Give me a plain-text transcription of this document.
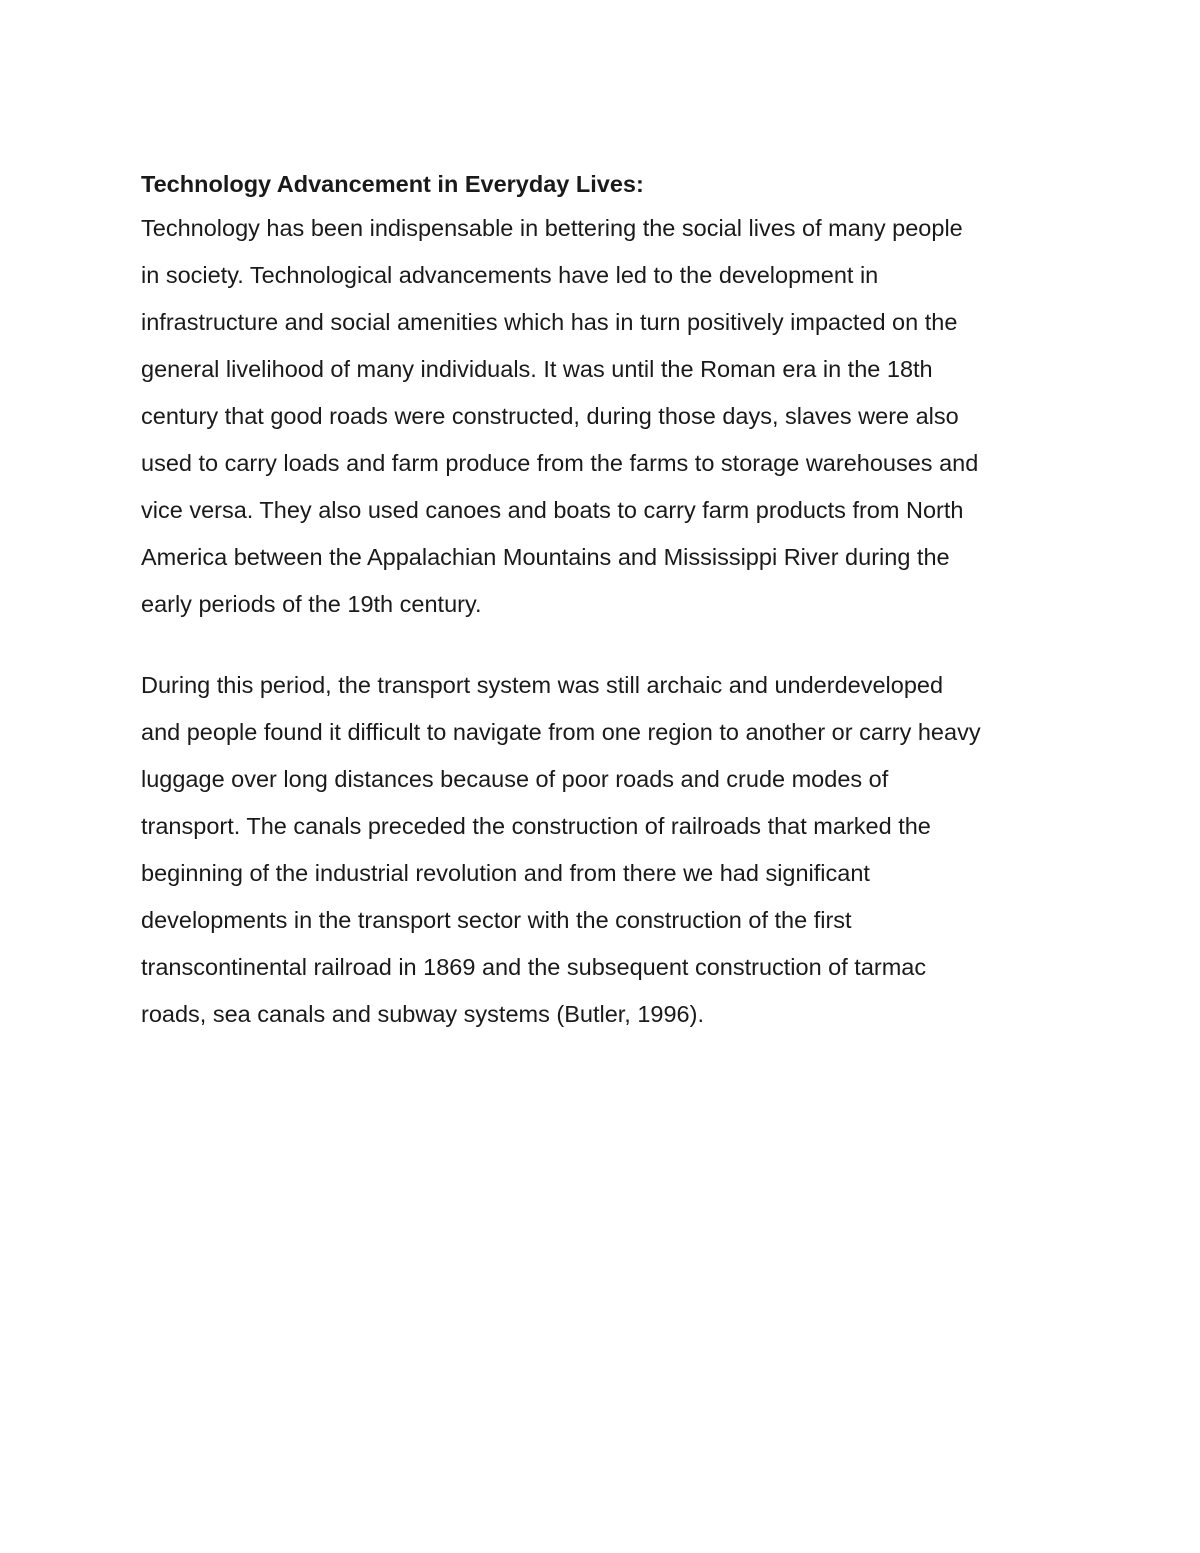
Technology Advancement in Everyday Lives:
Technology has been indispensable in bettering the social lives of many people
in society. Technological advancements have led to the development in
infrastructure and social amenities which has in turn positively impacted on the
general livelihood of many individuals. It was until the Roman era in the 18th
century that good roads were constructed, during those days, slaves were also
used to carry loads and farm produce from the farms to storage warehouses and
vice versa. They also used canoes and boats to carry farm products from North
America between the Appalachian Mountains and Mississippi River during the
early periods of the 19th century.
During this period, the transport system was still archaic and underdeveloped
and people found it difficult to navigate from one region to another or carry heavy
luggage over long distances because of poor roads and crude modes of
transport. The canals preceded the construction of railroads that marked the
beginning of the industrial revolution and from there we had significant
developments in the transport sector with the construction of the first
transcontinental railroad in 1869 and the subsequent construction of tarmac
roads, sea canals and subway systems (Butler, 1996).
